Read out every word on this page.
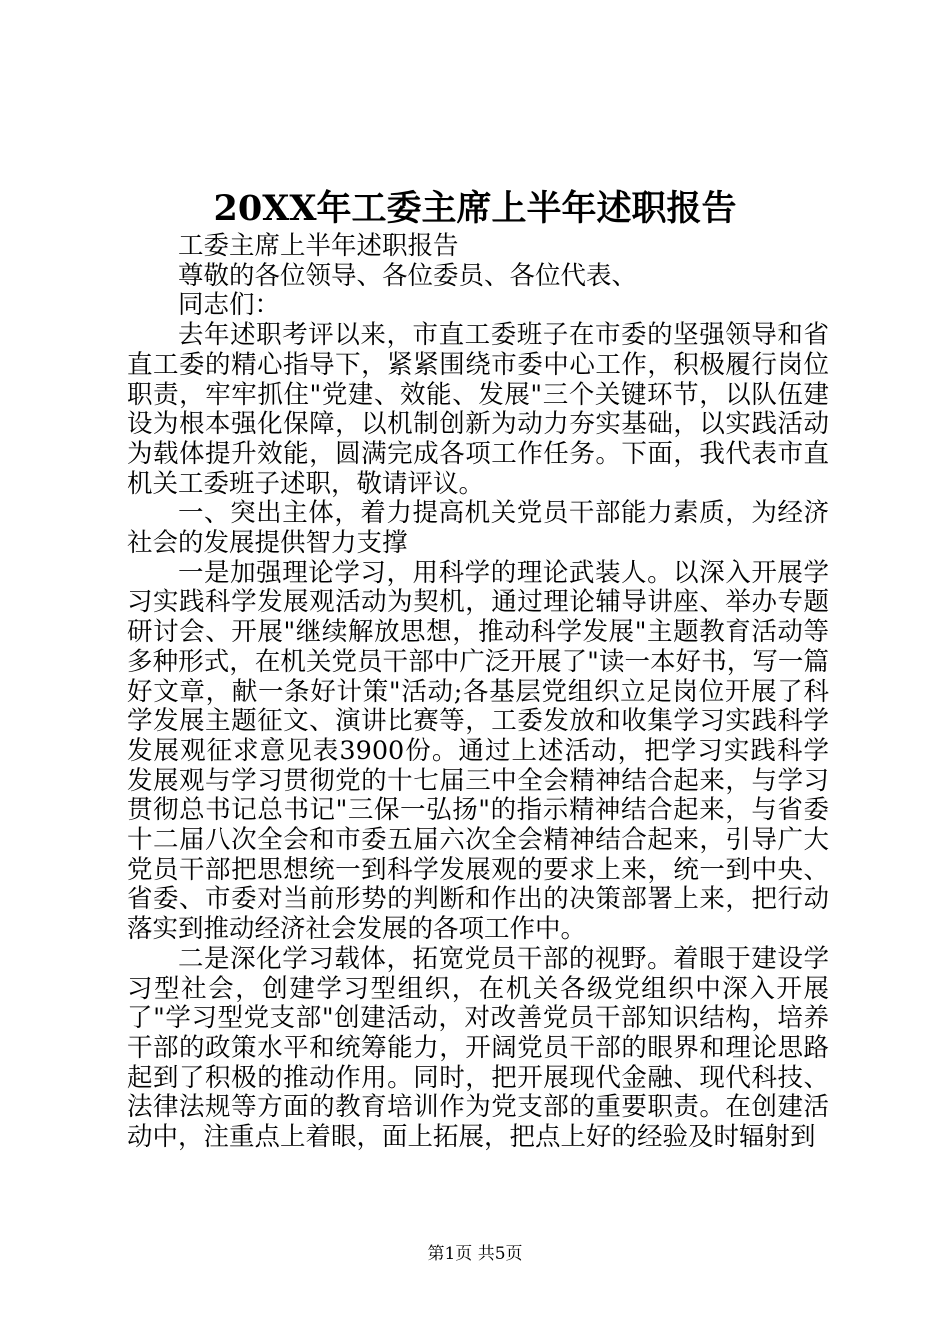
20XX年工委主席上半年述职报告

工委主席上半年述职报告

尊敬的各位领导、各位委员、各位代表、

同志们：

去年述职考评以来，市直工委班子在市委的坚强领导和省直工委的精心指导下，紧紧围绕市委中心工作，积极履行岗位职责，牢牢抓住"党建、效能、发展"三个关键环节，以队伍建设为根本强化保障，以机制创新为动力夯实基础，以实践活动为载体提升效能，圆满完成各项工作任务。下面，我代表市直机关工委班子述职，敬请评议。

一、突出主体，着力提高机关党员干部能力素质，为经济社会的发展提供智力支撑

一是加强理论学习，用科学的理论武装人。以深入开展学习实践科学发展观活动为契机，通过理论辅导讲座、举办专题研讨会、开展"继续解放思想，推动科学发展"主题教育活动等多种形式，在机关党员干部中广泛开展了"读一本好书，写一篇好文章，献一条好计策"活动;各基层党组织立足岗位开展了科学发展主题征文、演讲比赛等，工委发放和收集学习实践科学发展观征求意见表3900份。通过上述活动，把学习实践科学发展观与学习贯彻党的十七届三中全会精神结合起来，与学习贯彻总书记总书记"三保一弘扬"的指示精神结合起来，与省委十二届八次全会和市委五届六次全会精神结合起来，引导广大党员干部把思想统一到科学发展观的要求上来，统一到中央、省委、市委对当前形势的判断和作出的决策部署上来，把行动落实到推动经济社会发展的各项工作中。

二是深化学习载体，拓宽党员干部的视野。着眼于建设学习型社会，创建学习型组织，在机关各级党组织中深入开展了"学习型党支部"创建活动，对改善党员干部知识结构，培养干部的政策水平和统筹能力，开阔党员干部的眼界和理论思路起到了积极的推动作用。同时，把开展现代金融、现代科技、法律法规等方面的教育培训作为党支部的重要职责。在创建活动中，注重点上着眼，面上拓展，把点上好的经验及时辐射到

第1页 共5页
